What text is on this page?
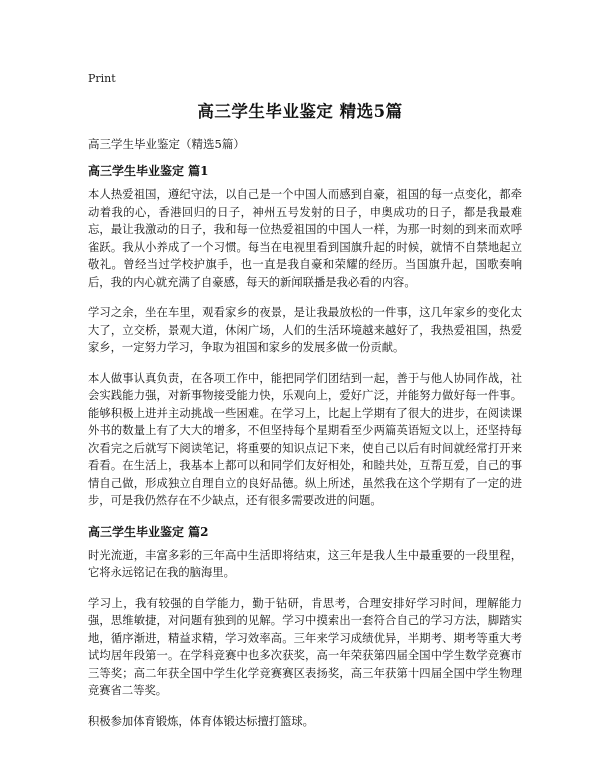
Print
高三学生毕业鉴定 精选5篇
高三学生毕业鉴定（精选5篇）
高三学生毕业鉴定 篇1

本人热爱祖国，遵纪守法，以自己是一个中国人而感到自豪，祖国的每一点变化，都牵动着我的心，香港回归的日子，神州五号发射的日子，申奥成功的日子，都是我最难忘，最让我激动的日子，我和每一位热爱祖国的中国人一样，为那一时刻的到来而欢呼雀跃。我从小养成了一个习惯。每当在电视里看到国旗升起的时候，就情不自禁地起立敬礼。曾经当过学校护旗手，也一直是我自豪和荣耀的经历。当国旗升起，国歌奏响后，我的内心就充满了自豪感，每天的新闻联播是我必看的内容。

学习之余，坐在车里，观看家乡的夜景，是让我最放松的一件事，这几年家乡的变化太大了，立交桥，景观大道，休闲广场，人们的生活环境越来越好了，我热爱祖国，热爱家乡，一定努力学习，争取为祖国和家乡的发展多做一份贡献。

本人做事认真负责，在各项工作中，能把同学们团结到一起，善于与他人协同作战，社会实践能力强，对新事物接受能力快，乐观向上，爱好广泛，并能努力做好每一件事。能够积极上进并主动挑战一些困难。在学习上，比起上学期有了很大的进步，在阅读课外书的数量上有了大大的增多，不但坚持每个星期看至少两篇英语短文以上，还坚持每次看完之后就写下阅读笔记，将重要的知识点记下来，使自己以后有时间就经常打开来看看。在生活上，我基本上都可以和同学们友好相处，和睦共处，互帮互爱，自己的事情自己做，形成独立自理自立的良好品德。纵上所述，虽然我在这个学期有了一定的进步，可是我仍然存在不少缺点，还有很多需要改进的问题。

高三学生毕业鉴定 篇2

时光流逝，丰富多彩的三年高中生活即将结束，这三年是我人生中最重要的一段里程，它将永远铭记在我的脑海里。

学习上，我有较强的自学能力，勤于钻研，肯思考，合理安排好学习时间，理解能力强，思维敏捷，对问题有独到的见解。学习中摸索出一套符合自己的学习方法，脚踏实地，循序渐进，精益求精，学习效率高。三年来学习成绩优异，半期考、期考等重大考试均居年段第一。在学科竞赛中也多次获奖，高一年荣获第四届全国中学生数学竞赛市三等奖；高二年获全国中学生化学竞赛赛区表扬奖，高三年获第十四届全国中学生物理竞赛省二等奖。

积极参加体育锻炼，体育体锻达标擅打篮球。
